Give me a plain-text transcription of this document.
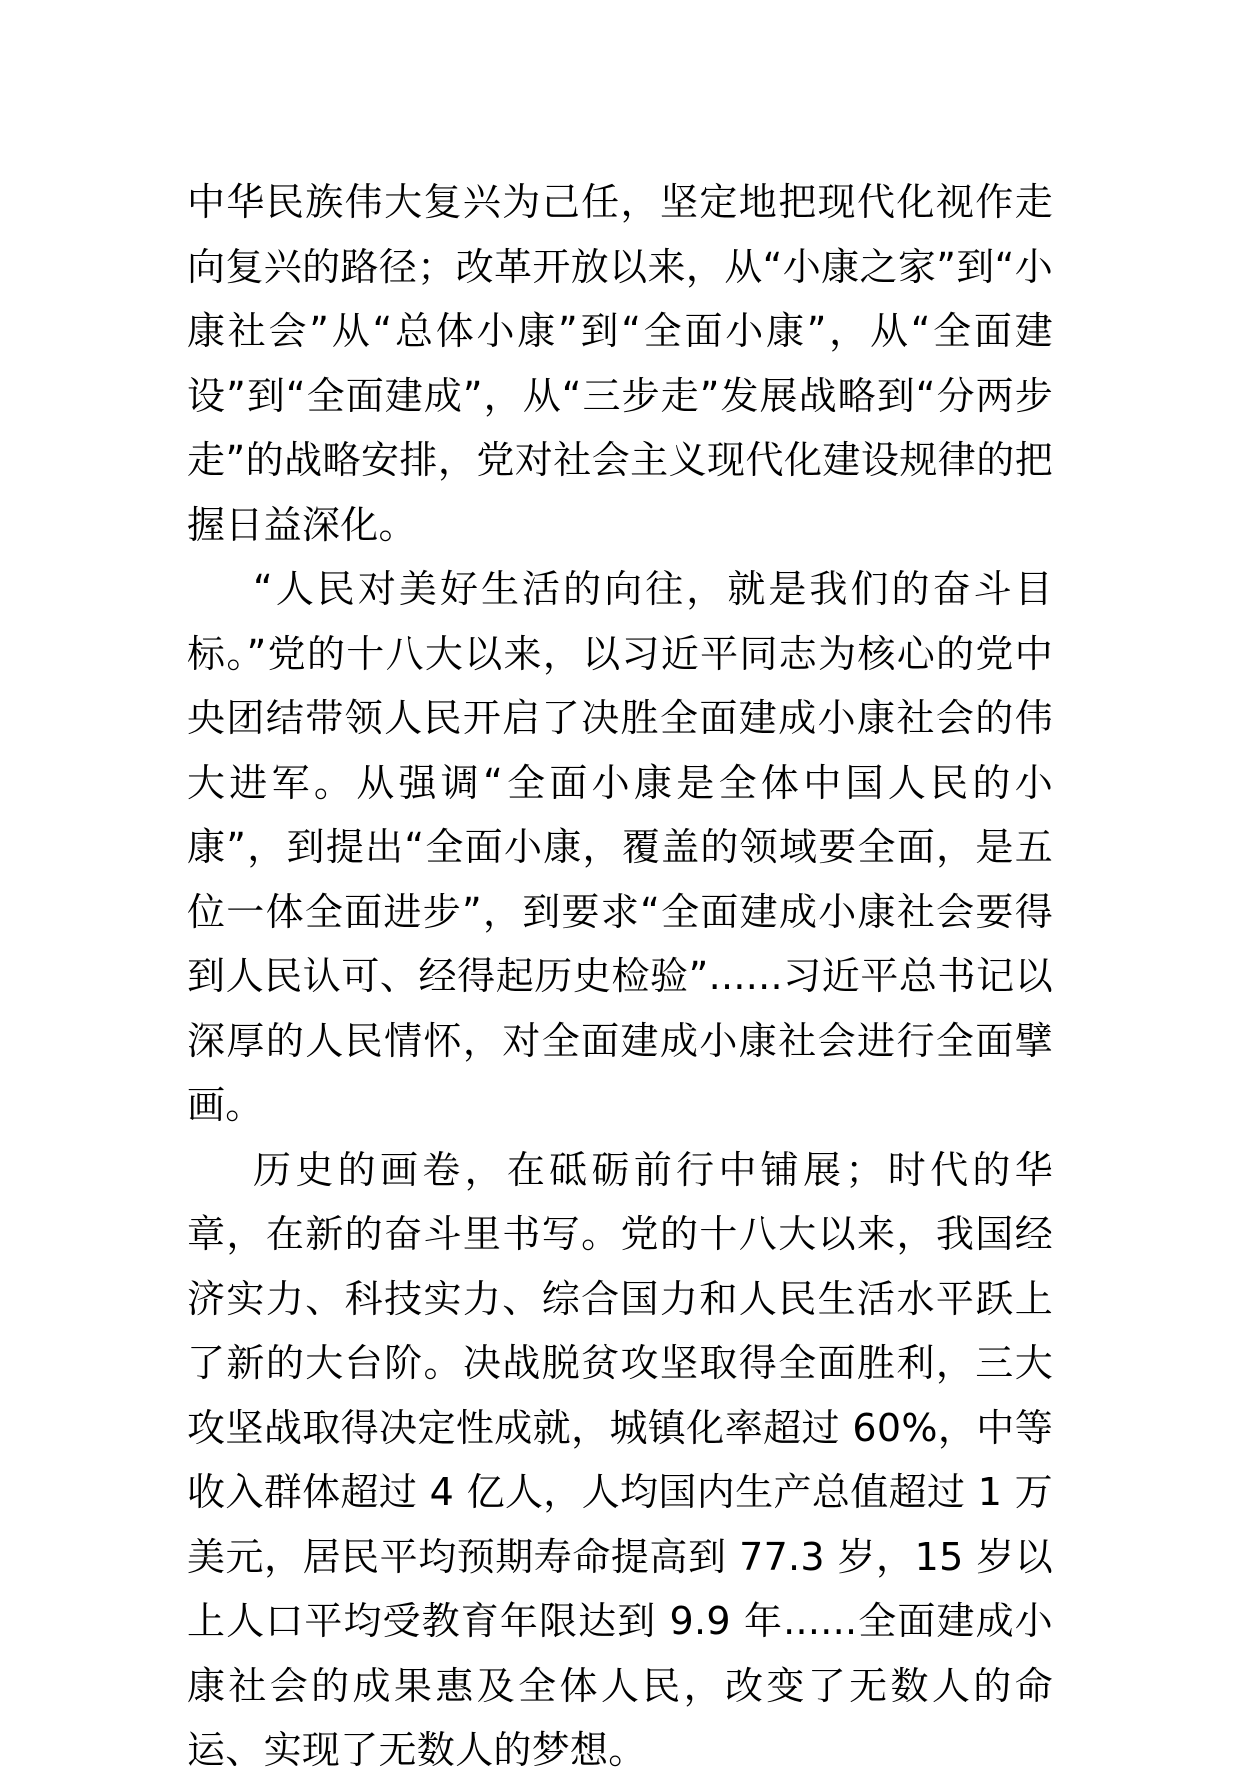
中华民族伟大复兴为己任，坚定地把现代化视作走向复兴的路径；改革开放以来，从“小康之家”到“小康社会”从“总体小康”到“全面小康”，从“全面建设”到“全面建成”，从“三步走”发展战略到“分两步走”的战略安排，党对社会主义现代化建设规律的把握日益深化。

“人民对美好生活的向往，就是我们的奋斗目标。”党的十八大以来，以习近平同志为核心的党中央团结带领人民开启了决胜全面建成小康社会的伟大进军。从强调“全面小康是全体中国人民的小康”，到提出“全面小康，覆盖的领域要全面，是五位一体全面进步”，到要求“全面建成小康社会要得到人民认可、经得起历史检验”......习近平总书记以深厚的人民情怀，对全面建成小康社会进行全面擘画。

历史的画卷，在砥砺前行中铺展；时代的华章，在新的奋斗里书写。党的十八大以来，我国经济实力、科技实力、综合国力和人民生活水平跃上了新的大台阶。决战脱贫攻坚取得全面胜利，三大攻坚战取得决定性成就，城镇化率超过 60%，中等收入群体超过 4 亿人，人均国内生产总值超过 1 万美元，居民平均预期寿命提高到 77.3 岁，15 岁以上人口平均受教育年限达到 9.9 年......全面建成小康社会的成果惠及全体人民，改变了无数人的命运、实现了无数人的梦想。
